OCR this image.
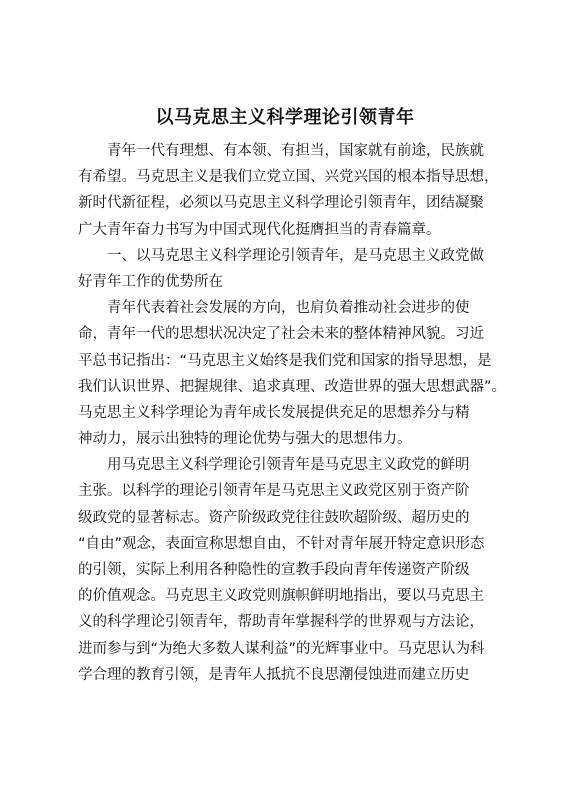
以马克思主义科学理论引领青年
青年一代有理想、有本领、有担当，国家就有前途，民族就
有希望。马克思主义是我们立党立国、兴党兴国的根本指导思想，
新时代新征程，必须以马克思主义科学理论引领青年，团结凝聚
广大青年奋力书写为中国式现代化挺膺担当的青春篇章。
一、以马克思主义科学理论引领青年，是马克思主义政党做
好青年工作的优势所在
青年代表着社会发展的方向，也肩负着推动社会进步的使
命，青年一代的思想状况决定了社会未来的整体精神风貌。习近
平总书记指出：“马克思主义始终是我们党和国家的指导思想，是
我们认识世界、把握规律、追求真理、改造世界的强大思想武器”。
马克思主义科学理论为青年成长发展提供充足的思想养分与精
神动力，展示出独特的理论优势与强大的思想伟力。
用马克思主义科学理论引领青年是马克思主义政党的鲜明
主张。以科学的理论引领青年是马克思主义政党区别于资产阶
级政党的显著标志。资产阶级政党往往鼓吹超阶级、超历史的
“自由”观念，表面宣称思想自由，不针对青年展开特定意识形态
的引领，实际上利用各种隐性的宣教手段向青年传递资产阶级
的价值观念。马克思主义政党则旗帜鲜明地指出，要以马克思主
义的科学理论引领青年，帮助青年掌握科学的世界观与方法论，
进而参与到“为绝大多数人谋利益”的光辉事业中。马克思认为科
学合理的教育引领，是青年人抵抗不良思潮侵蚀进而建立历史
